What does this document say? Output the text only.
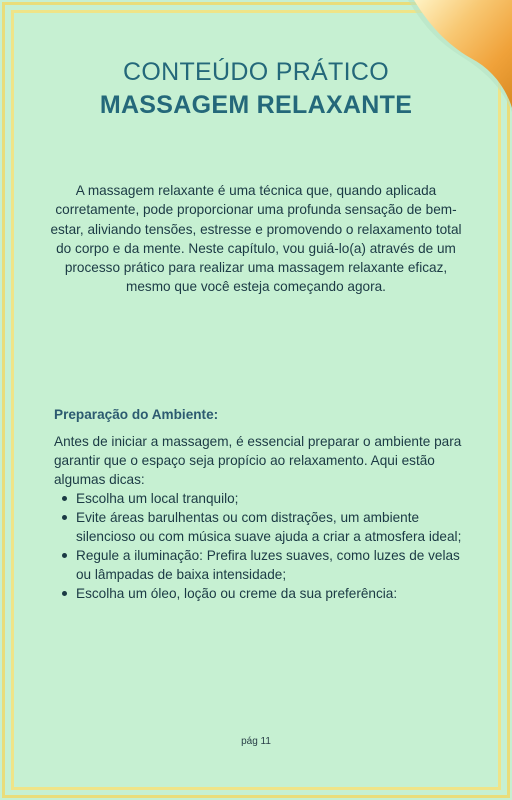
CONTEÚDO PRÁTICO
MASSAGEM RELAXANTE
A massagem relaxante é uma técnica que, quando aplicada corretamente, pode proporcionar uma profunda sensação de bem-estar, aliviando tensões, estresse e promovendo o relaxamento total do corpo e da mente. Neste capítulo, vou guiá-lo(a) através de um processo prático para realizar uma massagem relaxante eficaz, mesmo que você esteja começando agora.
Preparação do Ambiente:

Antes de iniciar a massagem, é essencial preparar o ambiente para garantir que o espaço seja propício ao relaxamento. Aqui estão algumas dicas:

Escolha um local tranquilo;
Evite áreas barulhentas ou com distrações, um ambiente silencioso ou com música suave ajuda a criar a atmosfera ideal;
Regule a iluminação: Prefira luzes suaves, como luzes de velas ou lâmpadas de baixa intensidade;
Escolha um óleo, loção ou creme da sua preferência:
pág 11
